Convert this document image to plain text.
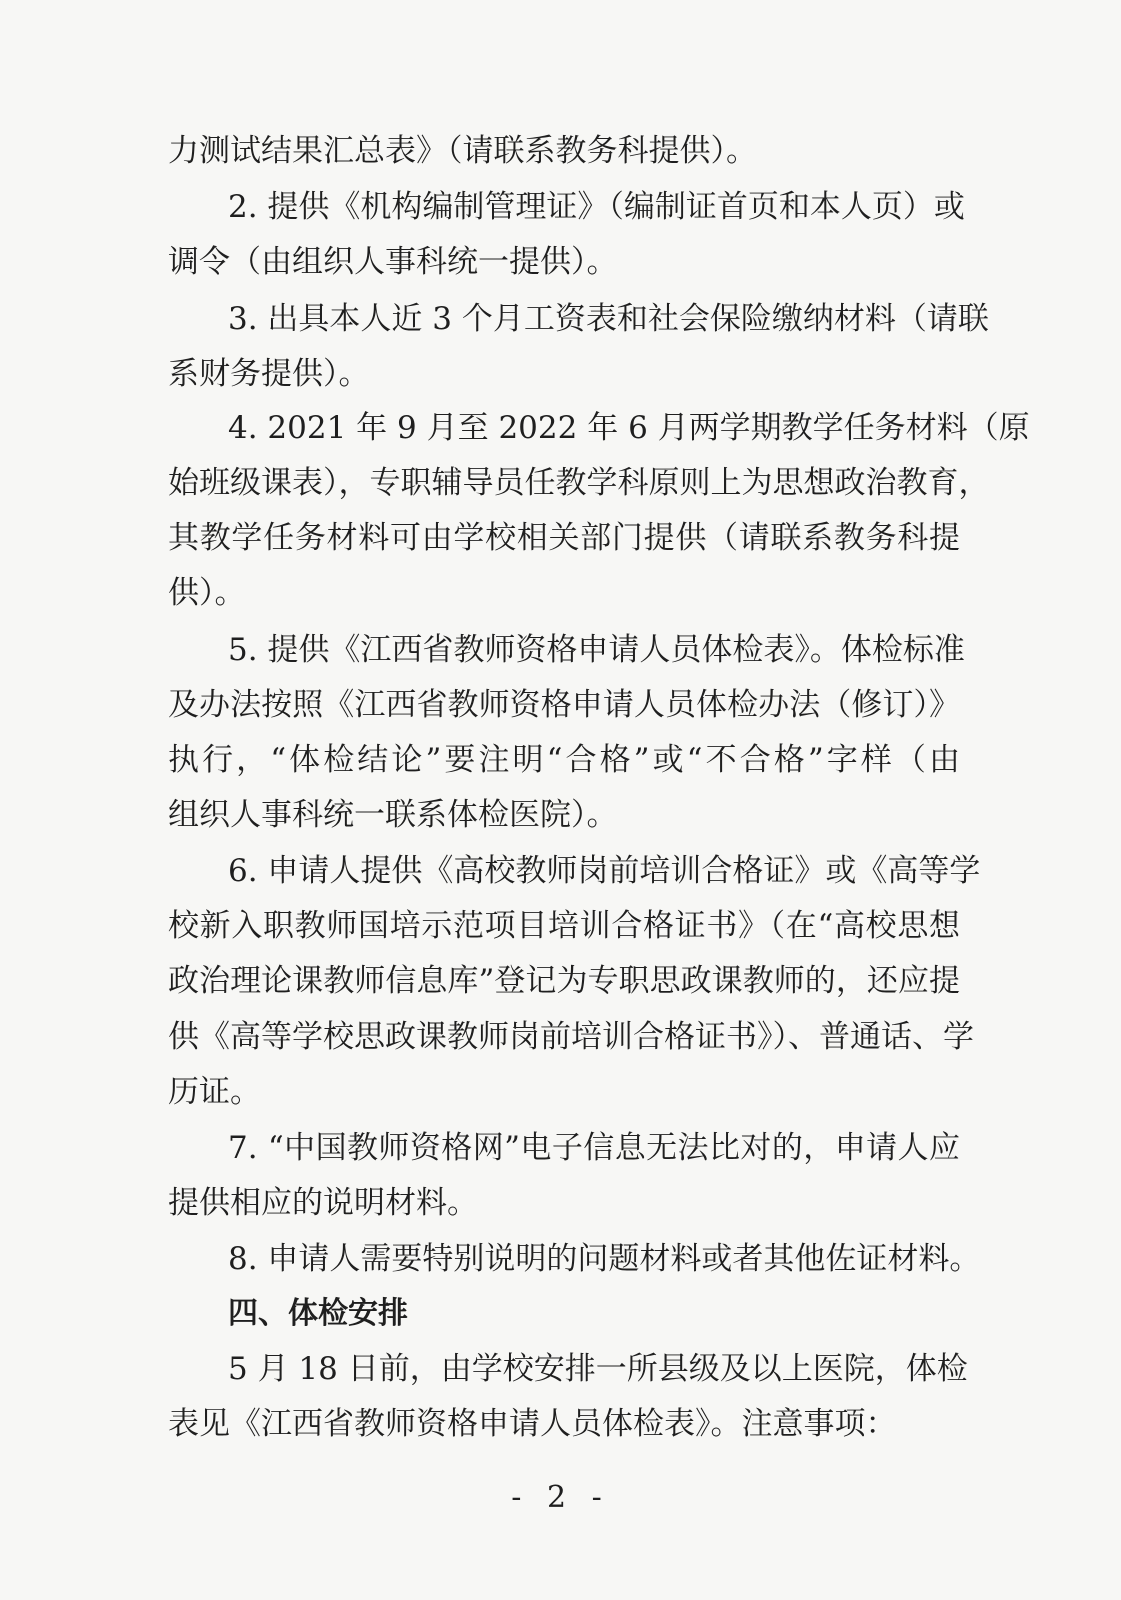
力测试结果汇总表》（请联系教务科提供）。

2. 提供《机构编制管理证》（编制证首页和本人页）或

调令（由组织人事科统一提供）。

3. 出具本人近 3 个月工资表和社会保险缴纳材料（请联

系财务提供）。

4. 2021 年 9 月至 2022 年 6 月两学期教学任务材料（原

始班级课表），专职辅导员任教学科原则上为思想政治教育，

其教学任务材料可由学校相关部门提供（请联系教务科提

供）。

5. 提供《江西省教师资格申请人员体检表》。体检标准

及办法按照《江西省教师资格申请人员体检办法（修订）》

执行，“体检结论”要注明“合格”或“不合格”字样（由

组织人事科统一联系体检医院）。

6. 申请人提供《高校教师岗前培训合格证》或《高等学

校新入职教师国培示范项目培训合格证书》（在“高校思想

政治理论课教师信息库”登记为专职思政课教师的，还应提

供《高等学校思政课教师岗前培训合格证书》）、普通话、学

历证。

7. “中国教师资格网”电子信息无法比对的，申请人应

提供相应的说明材料。

8. 申请人需要特别说明的问题材料或者其他佐证材料。

四、体检安排

5 月 18 日前，由学校安排一所县级及以上医院，体检

表见《江西省教师资格申请人员体检表》。注意事项：

- 2 -
